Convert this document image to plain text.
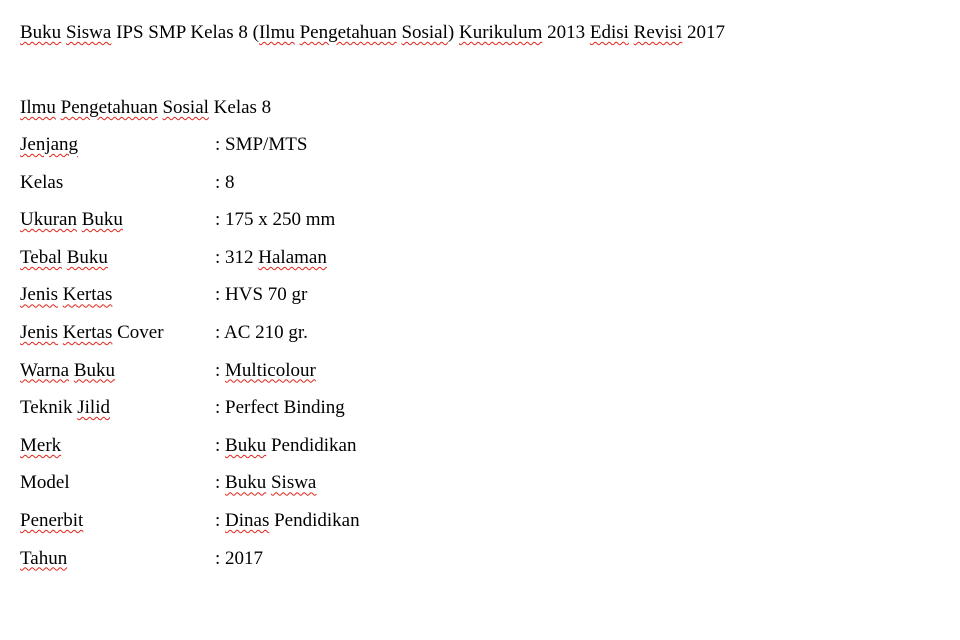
Buku Siswa IPS SMP Kelas 8 (Ilmu Pengetahuan Sosial) Kurikulum 2013 Edisi Revisi 2017
Ilmu Pengetahuan Sosial Kelas 8
Jenjang	: SMP/MTS
Kelas	: 8
Ukuran Buku	: 175 x 250 mm
Tebal Buku	: 312 Halaman
Jenis Kertas	: HVS 70 gr
Jenis Kertas Cover	: AC 210 gr.
Warna Buku	: Multicolour
Teknik Jilid	: Perfect Binding
Merk	: Buku Pendidikan
Model	: Buku Siswa
Penerbit	: Dinas Pendidikan
Tahun	: 2017
